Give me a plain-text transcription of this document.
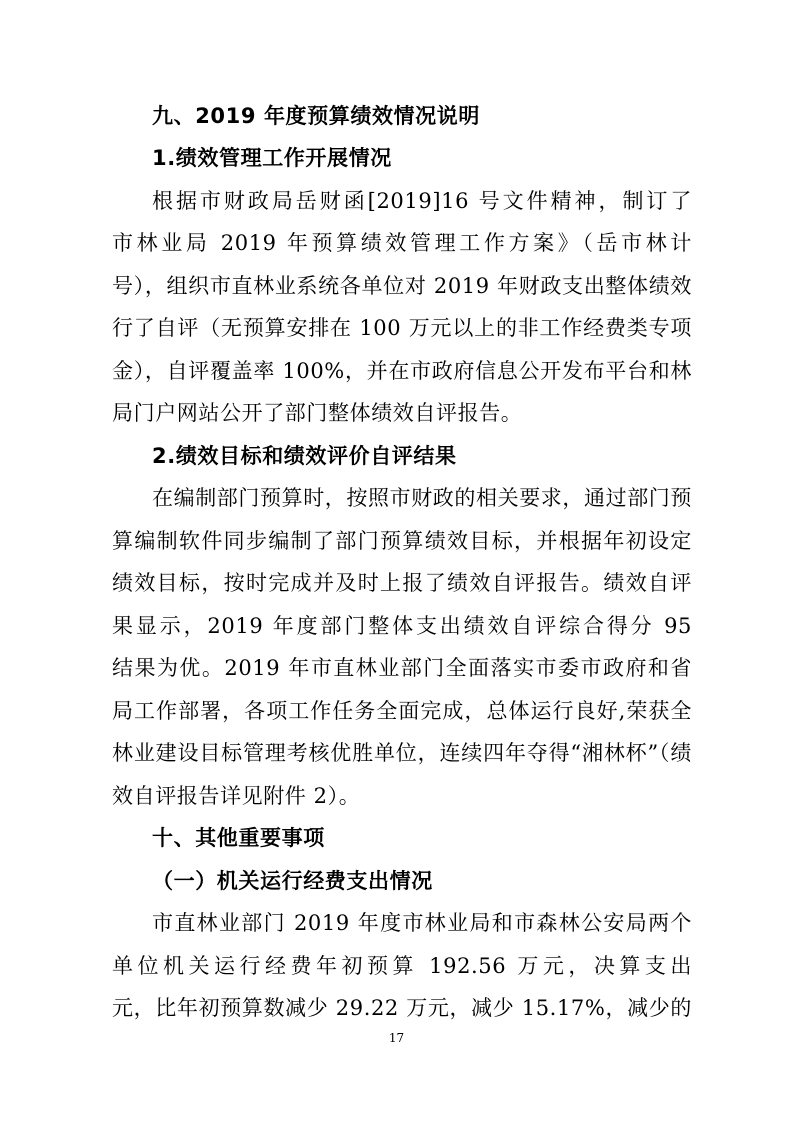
九、2019 年度预算绩效情况说明
1.绩效管理工作开展情况
根据市财政局岳财函[2019]16 号文件精神，制订了
市林业局 2019 年预算绩效管理工作方案》（岳市林计
号），组织市直林业系统各单位对 2019 年财政支出整体绩效
行了自评（无预算安排在 100 万元以上的非工作经费类专项
金），自评覆盖率 100%，并在市政府信息公开发布平台和林
局门户网站公开了部门整体绩效自评报告。
2.绩效目标和绩效评价自评结果
在编制部门预算时，按照市财政的相关要求，通过部门预
算编制软件同步编制了部门预算绩效目标，并根据年初设定
绩效目标，按时完成并及时上报了绩效自评报告。绩效自评
果显示，2019 年度部门整体支出绩效自评综合得分 95
结果为优。2019 年市直林业部门全面落实市委市政府和省
局工作部署，各项工作任务全面完成，总体运行良好,荣获全
林业建设目标管理考核优胜单位，连续四年夺得“湘林杯”（绩
效自评报告详见附件 2）。
十、其他重要事项
（一）机关运行经费支出情况
市直林业部门 2019 年度市林业局和市森林公安局两个
单位机关运行经费年初预算 192.56 万元，决算支出
元，比年初预算数减少 29.22 万元，减少 15.17%，减少的
17
